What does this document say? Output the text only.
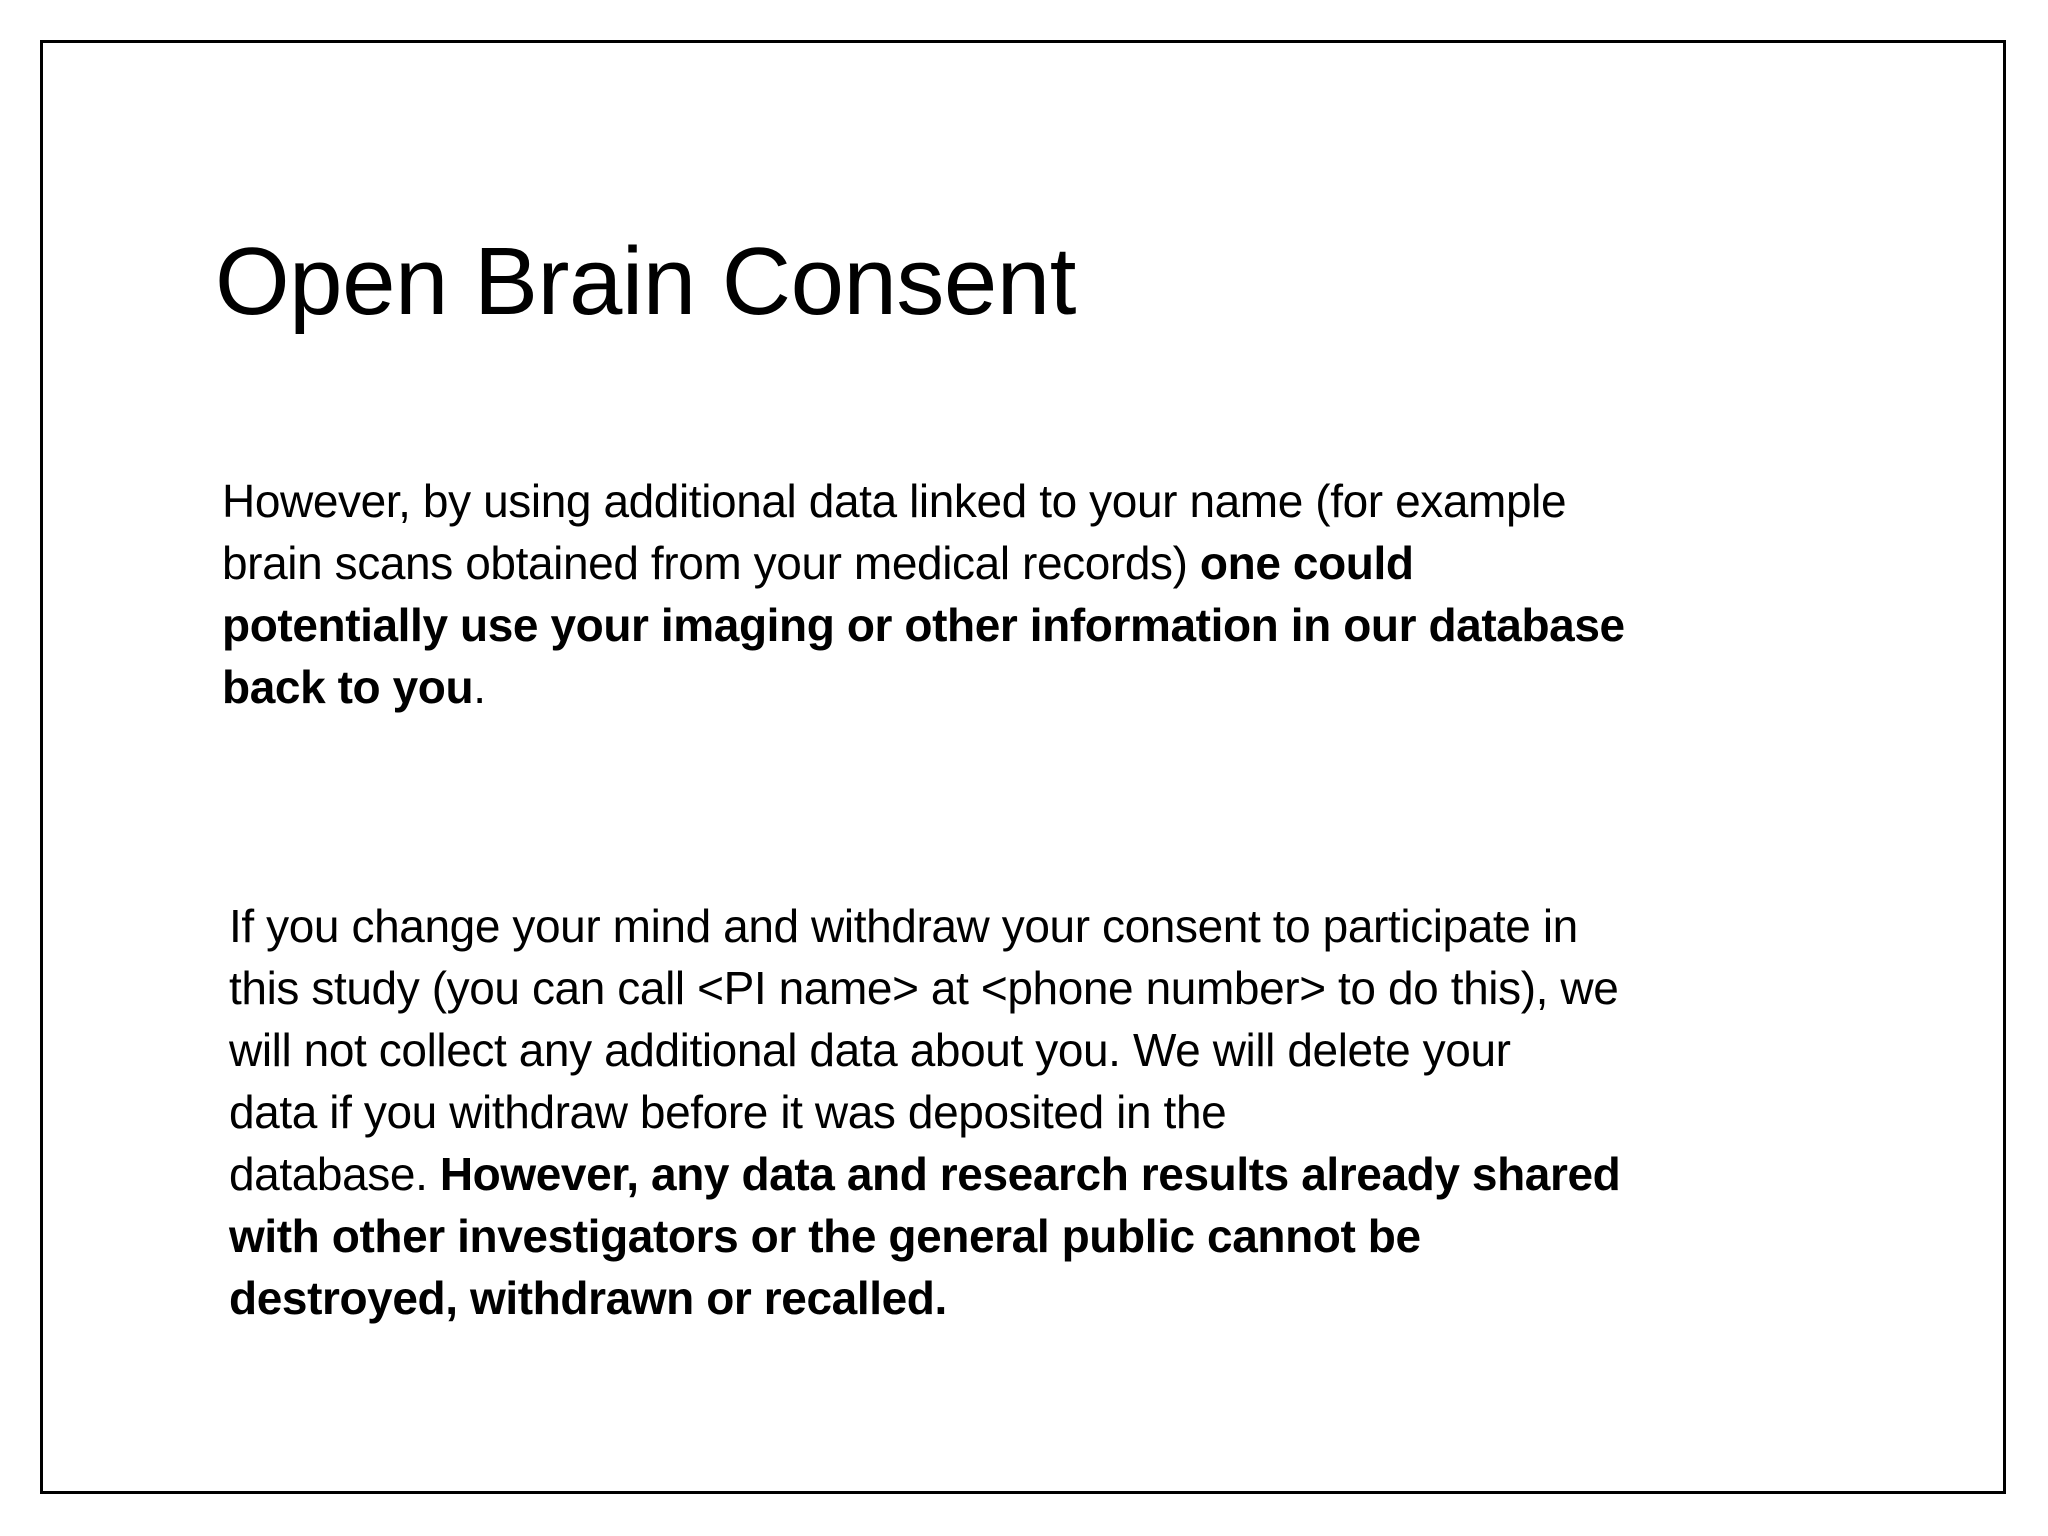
Open Brain Consent

However, by using additional data linked to your name (for example
brain scans obtained from your medical records) one could
potentially use your imaging or other information in our database
back to you.

If you change your mind and withdraw your consent to participate in
this study (you can call <PI name> at <phone number> to do this), we
will not collect any additional data about you. We will delete your
data if you withdraw before it was deposited in the
database. However, any data and research results already shared
with other investigators or the general public cannot be
destroyed, withdrawn or recalled.
